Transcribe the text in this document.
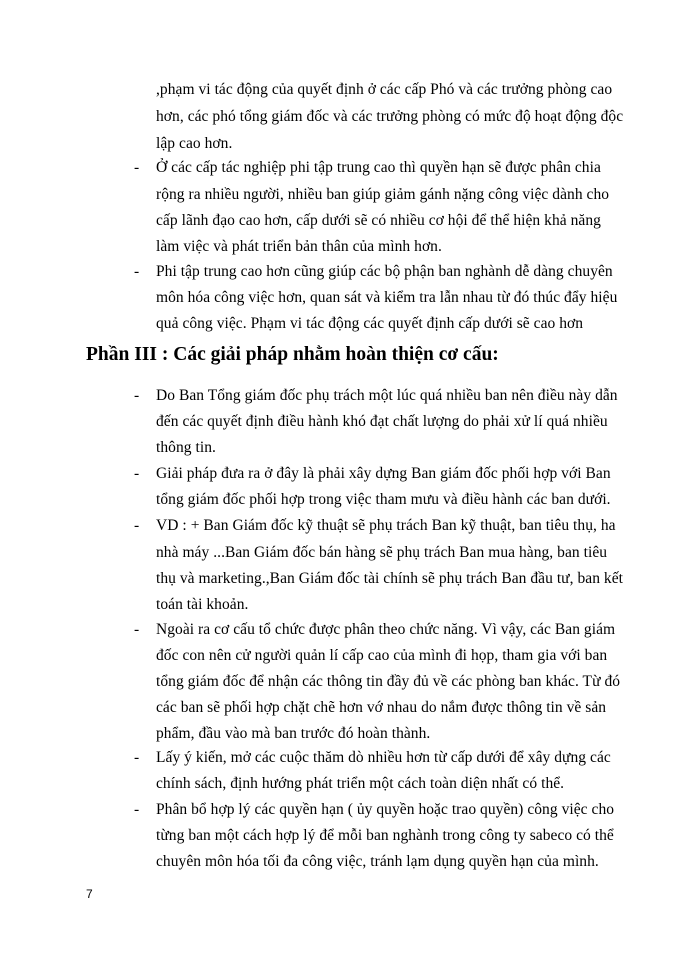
,phạm vi tác động của quyết định ở các cấp Phó và các trưởng phòng cao
hơn, các phó tổng giám đốc và các trưởng phòng có mức độ hoạt động độc
lập cao hơn.
- Ở các cấp tác nghiệp phi tập trung cao thì quyền hạn sẽ được phân chia
rộng ra nhiều người, nhiều ban giúp giảm gánh nặng công việc dành cho
cấp lãnh đạo cao hơn, cấp dưới sẽ có nhiều cơ hội để thể hiện khả năng
làm việc và phát triển bản thân của mình hơn.
- Phi tập trung cao hơn cũng giúp các bộ phận ban nghành dễ dàng chuyên
môn hóa công việc hơn, quan sát và kiểm tra lẫn nhau từ đó thúc đẩy hiệu
quả công việc. Phạm vi tác động các quyết định cấp dưới sẽ cao hơn
Phần III : Các giải pháp nhằm hoàn thiện cơ cấu:
- Do Ban Tổng giám đốc phụ trách một lúc quá nhiều ban nên điều này dẫn
đến các quyết định điều hành khó đạt chất lượng do phải xử lí quá nhiều
thông tin.
- Giải pháp đưa ra ở đây là phải xây dựng Ban giám đốc phối hợp với Ban
tổng giám đốc phối hợp trong việc tham mưu và điều hành các ban dưới.
- VD : + Ban Giám đốc kỹ thuật sẽ phụ trách Ban kỹ thuật, ban tiêu thụ, ha
nhà máy ...Ban Giám đốc bán hàng sẽ phụ trách Ban mua hàng, ban tiêu
thụ và marketing.,Ban Giám đốc tài chính sẽ phụ trách Ban đầu tư, ban kết
toán tài khoản.
- Ngoài ra cơ cấu tổ chức được phân theo chức năng. Vì vậy, các Ban giám
đốc con nên cử người quản lí cấp cao của mình đi họp, tham gia với ban
tổng giám đốc để nhận các thông tin đầy đủ về các phòng ban khác. Từ đó
các ban sẽ phối hợp chặt chẽ hơn vớ nhau do nắm được thông tin về sản
phẩm, đầu vào mà ban trước đó hoàn thành.
- Lấy ý kiến, mở các cuộc thăm dò nhiều hơn từ cấp dưới để xây dựng các
chính sách, định hướng phát triển một cách toàn diện nhất có thể.
- Phân bổ hợp lý các quyền hạn ( ủy quyền hoặc trao quyền) công việc cho
từng ban một cách hợp lý để mỗi ban nghành trong công ty sabeco có thể
chuyên môn hóa tối đa công việc, tránh lạm dụng quyền hạn của mình.
7
